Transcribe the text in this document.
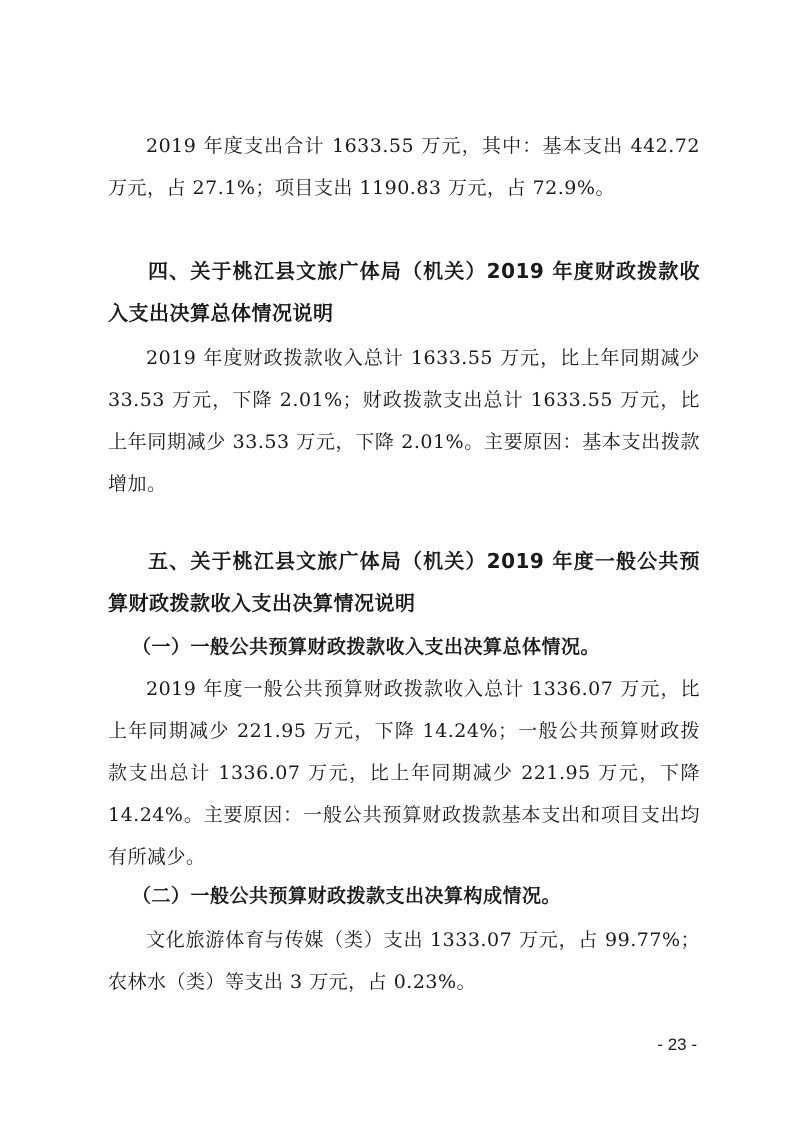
2019 年度支出合计 1633.55 万元，其中：基本支出 442.72 万元，占 27.1%；项目支出 1190.83 万元，占 72.9%。

四、关于桃江县文旅广体局（机关）2019 年度财政拨款收入支出决算总体情况说明

2019 年度财政拨款收入总计 1633.55 万元，比上年同期减少 33.53 万元，下降 2.01%；财政拨款支出总计 1633.55 万元，比上年同期减少 33.53 万元，下降 2.01%。主要原因：基本支出拨款增加。

五、关于桃江县文旅广体局（机关）2019 年度一般公共预算财政拨款收入支出决算情况说明

（一）一般公共预算财政拨款收入支出决算总体情况。

2019 年度一般公共预算财政拨款收入总计 1336.07 万元，比上年同期减少 221.95 万元，下降 14.24%；一般公共预算财政拨款支出总计 1336.07 万元，比上年同期减少 221.95 万元，下降 14.24%。主要原因：一般公共预算财政拨款基本支出和项目支出均有所减少。

（二）一般公共预算财政拨款支出决算构成情况。

文化旅游体育与传媒（类）支出 1333.07 万元，占 99.77%；农林水（类）等支出 3 万元，占 0.23%。

- 23 -
